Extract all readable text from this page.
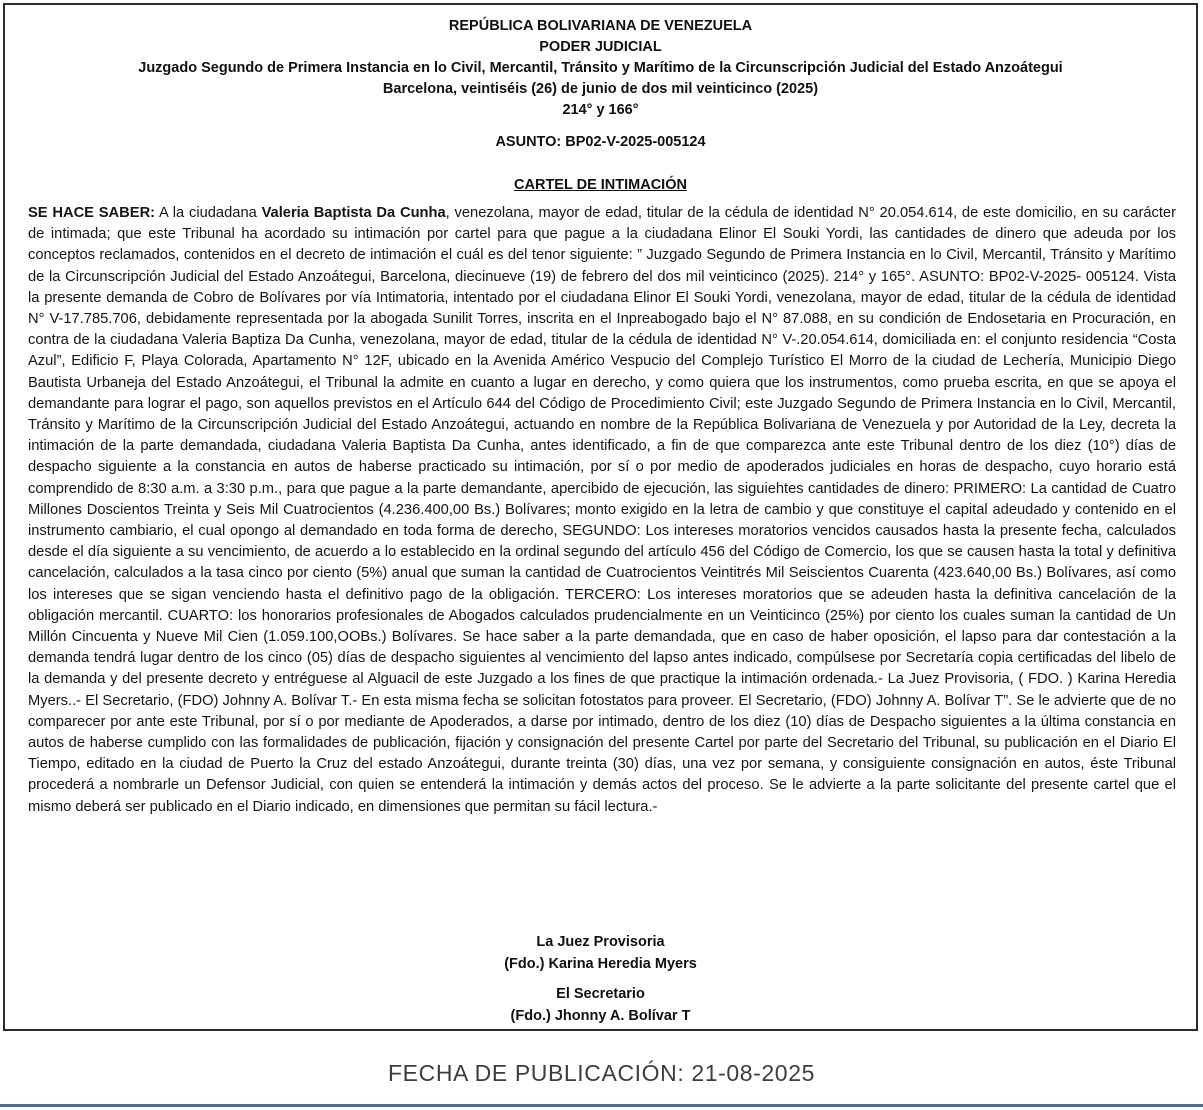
REPÚBLICA BOLIVARIANA DE VENEZUELA
PODER JUDICIAL
Juzgado Segundo de Primera Instancia en lo Civil, Mercantil, Tránsito y Marítimo de la Circunscripción Judicial del Estado Anzoátegui
Barcelona, veintiséis (26) de junio de dos mil veinticinco (2025)
214° y 166°
ASUNTO: BP02-V-2025-005124
CARTEL DE INTIMACIÓN

SE HACE SABER: A la ciudadana Valeria Baptista Da Cunha, venezolana, mayor de edad, titular de la cédula de identidad N° 20.054.614, de este domicilio, en su carácter de intimada; que este Tribunal ha acordado su intimación por cartel para que pague a la ciudadana Elinor El Souki Yordi, las cantidades de dinero que adeuda por los conceptos reclamados, contenidos en el decreto de intimación el cuál es del tenor siguiente: ” Juzgado Segundo de Primera Instancia en lo Civil, Mercantil, Tránsito y Marítimo de la Circunscripción Judicial del Estado Anzoátegui, Barcelona, diecinueve (19) de febrero del dos mil veinticinco (2025). 214° y 165°. ASUNTO: BP02-V-2025- 005124. Vista la presente demanda de Cobro de Bolívares por vía Intimatoria, intentado por el ciudadana Elinor El Souki Yordi, venezolana, mayor de edad, titular de la cédula de identidad N° V-17.785.706, debidamente representada por la abogada Sunilit Torres, inscrita en el Inpreabogado bajo el N° 87.088, en su condición de Endosetaria en Procuración, en contra de la ciudadana Valeria Baptiza Da Cunha, venezolana, mayor de edad, titular de la cédula de identidad N° V-.20.054.614, domiciliada en: el conjunto residencia “Costa Azul”, Edificio F, Playa Colorada, Apartamento N° 12F, ubicado en la Avenida Américo Vespucio del Complejo Turístico El Morro de la ciudad de Lechería, Municipio Diego Bautista Urbaneja del Estado Anzoátegui, el Tribunal la admite en cuanto a lugar en derecho, y como quiera que los instrumentos, como prueba escrita, en que se apoya el demandante para lograr el pago, son aquellos previstos en el Artículo 644 del Código de Procedimiento Civil; este Juzgado Segundo de Primera Instancia en lo Civil, Mercantil, Tránsito y Marítimo de la Circunscripción Judicial del Estado Anzoátegui, actuando en nombre de la República Bolivariana de Venezuela y por Autoridad de la Ley, decreta la intimación de la parte demandada, ciudadana Valeria Baptista Da Cunha, antes identificado, a fin de que comparezca ante este Tribunal dentro de los diez (10°) días de despacho siguiente a la constancia en autos de haberse practicado su intimación, por sí o por medio de apoderados judiciales en horas de despacho, cuyo horario está comprendido de 8:30 a.m. a 3:30 p.m., para que pague a la parte demandante, apercibido de ejecución, las siguiehtes cantidades de dinero: PRIMERO: La cantidad de Cuatro Millones Doscientos Treinta y Seis Mil Cuatrocientos (4.236.400,00 Bs.) Bolívares; monto exigido en la letra de cambio y que constituye el capital adeudado y contenido en el instrumento cambiario, el cual opongo al demandado en toda forma de derecho, SEGUNDO: Los intereses moratorios vencidos causados hasta la presente fecha, calculados desde el día siguiente a su vencimiento, de acuerdo a lo establecido en la ordinal segundo del artículo 456 del Código de Comercio, los que se causen hasta la total y definitiva cancelación, calculados a la tasa cinco por ciento (5%) anual que suman la cantidad de Cuatrocientos Veintitrés Mil Seiscientos Cuarenta (423.640,00 Bs.) Bolívares, así como los intereses que se sigan venciendo hasta el definitivo pago de la obligación. TERCERO: Los intereses moratorios que se adeuden hasta la definitiva cancelación de la obligación mercantil. CUARTO: los honorarios profesionales de Abogados calculados prudencialmente en un Veinticinco (25%) por ciento los cuales suman la cantidad de Un Millón Cincuenta y Nueve Mil Cien (1.059.100,OOBs.) Bolívares. Se hace saber a la parte demandada, que en caso de haber oposición, el lapso para dar contestación a la demanda tendrá lugar dentro de los cinco (05) días de despacho siguientes al vencimiento del lapso antes indicado, compúlsese por Secretaría copia certificadas del libelo de la demanda y del presente decreto y entréguese al Alguacil de este Juzgado a los fines de que practique la intimación ordenada.- La Juez Provisoria, ( FDO. ) Karina Heredia Myers..- El Secretario, (FDO) Johnny A. Bolívar T.- En esta misma fecha se solicitan fotostatos para proveer. El Secretario, (FDO) Johnny A. Bolívar T”. Se le advierte que de no comparecer por ante este Tribunal, por sí o por mediante de Apoderados, a darse por intimado, dentro de los diez (10) días de Despacho siguientes a la última constancia en autos de haberse cumplido con las formalidades de publicación, fijación y consignación del presente Cartel por parte del Secretario del Tribunal, su publicación en el Diario El Tiempo, editado en la ciudad de Puerto la Cruz del estado Anzoátegui, durante treinta (30) días, una vez por semana, y consiguiente consignación en autos, éste Tribunal procederá a nombrarle un Defensor Judicial, con quien se entenderá la intimación y demás actos del proceso. Se le advierte a la parte solicitante del presente cartel que el mismo deberá ser publicado en el Diario indicado, en dimensiones que permitan su fácil lectura.-

La Juez Provisoria
(Fdo.) Karina Heredia Myers
El Secretario
(Fdo.) Jhonny A. Bolívar T
FECHA DE PUBLICACIÓN: 21-08-2025
